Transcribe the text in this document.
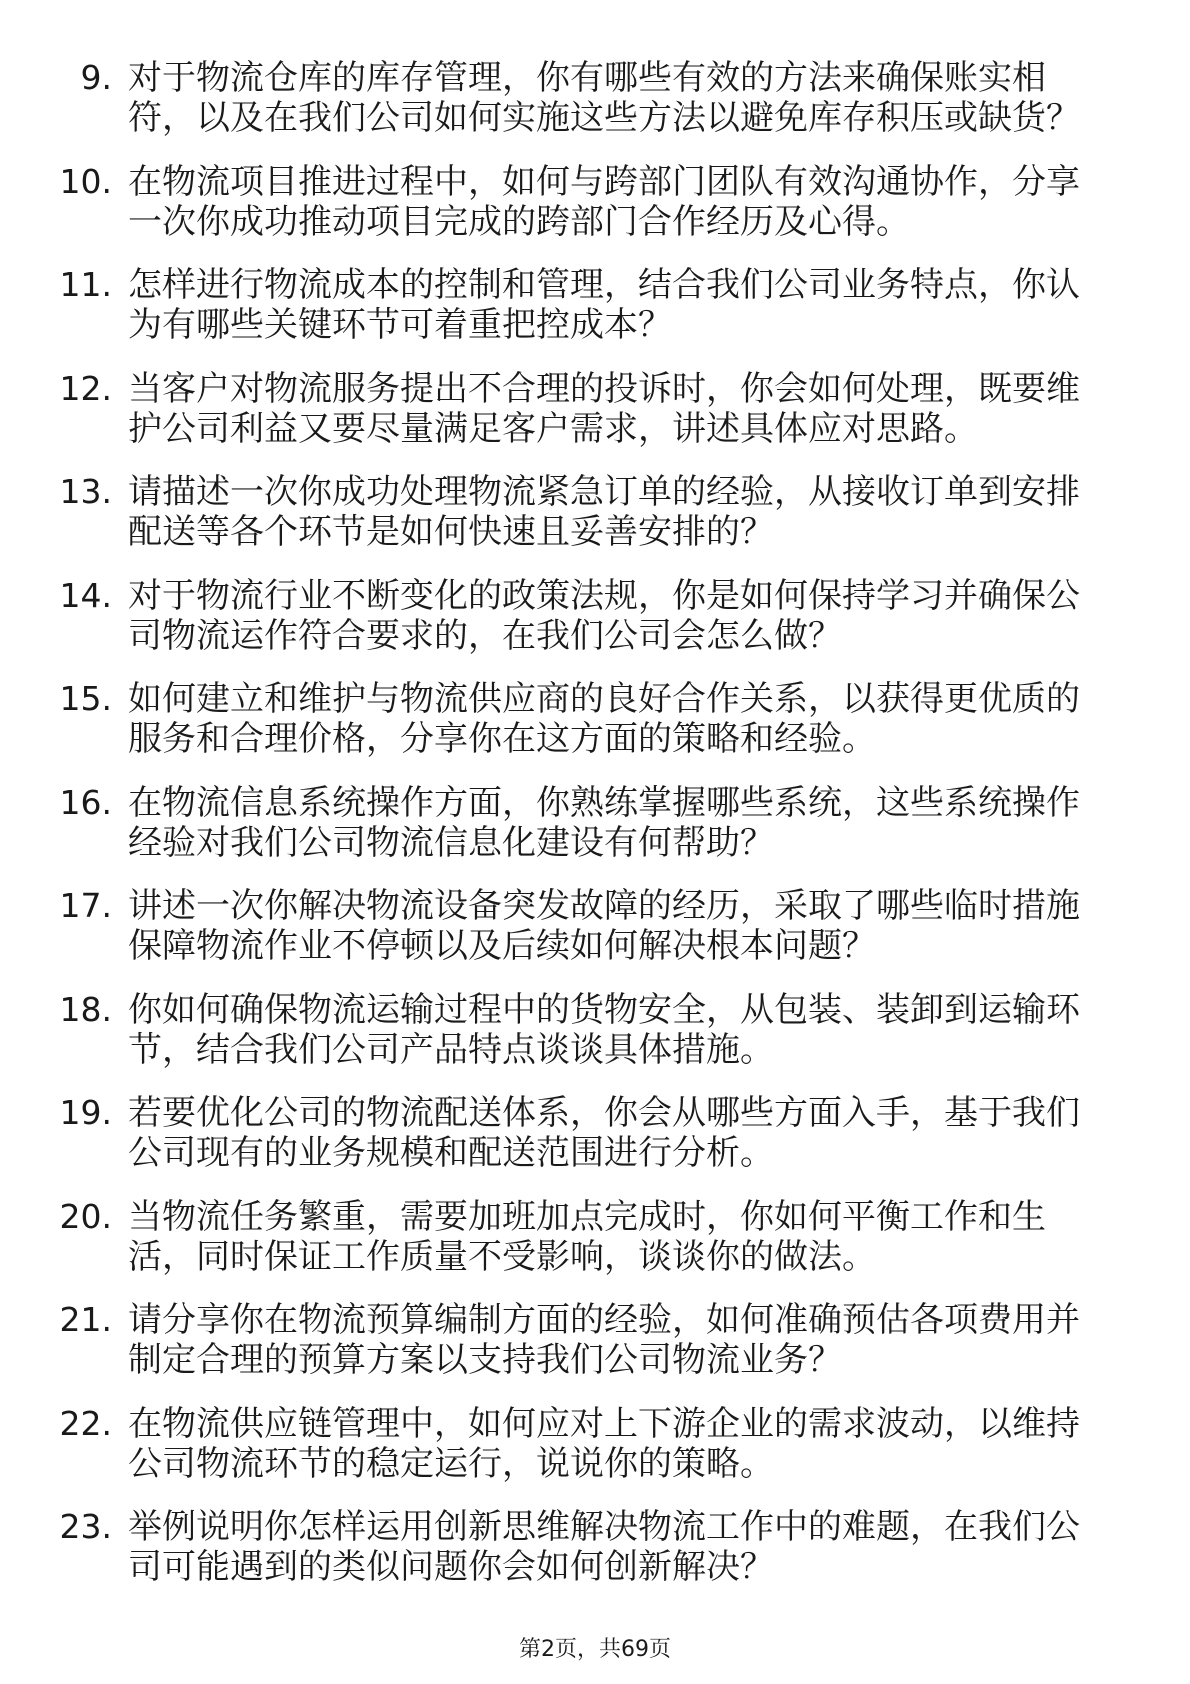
9. 对于物流仓库的库存管理，你有哪些有效的方法来确保账实相
符，以及在我们公司如何实施这些方法以避免库存积压或缺货？
10. 在物流项目推进过程中，如何与跨部门团队有效沟通协作，分享
一次你成功推动项目完成的跨部门合作经历及心得。
11. 怎样进行物流成本的控制和管理，结合我们公司业务特点，你认
为有哪些关键环节可着重把控成本？
12. 当客户对物流服务提出不合理的投诉时，你会如何处理，既要维
护公司利益又要尽量满足客户需求，讲述具体应对思路。
13. 请描述一次你成功处理物流紧急订单的经验，从接收订单到安排
配送等各个环节是如何快速且妥善安排的？
14. 对于物流行业不断变化的政策法规，你是如何保持学习并确保公
司物流运作符合要求的，在我们公司会怎么做？
15. 如何建立和维护与物流供应商的良好合作关系，以获得更优质的
服务和合理价格，分享你在这方面的策略和经验。
16. 在物流信息系统操作方面，你熟练掌握哪些系统，这些系统操作
经验对我们公司物流信息化建设有何帮助？
17. 讲述一次你解决物流设备突发故障的经历，采取了哪些临时措施
保障物流作业不停顿以及后续如何解决根本问题？
18. 你如何确保物流运输过程中的货物安全，从包装、装卸到运输环
节，结合我们公司产品特点谈谈具体措施。
19. 若要优化公司的物流配送体系，你会从哪些方面入手，基于我们
公司现有的业务规模和配送范围进行分析。
20. 当物流任务繁重，需要加班加点完成时，你如何平衡工作和生
活，同时保证工作质量不受影响，谈谈你的做法。
21. 请分享你在物流预算编制方面的经验，如何准确预估各项费用并
制定合理的预算方案以支持我们公司物流业务？
22. 在物流供应链管理中，如何应对上下游企业的需求波动，以维持
公司物流环节的稳定运行，说说你的策略。
23. 举例说明你怎样运用创新思维解决物流工作中的难题，在我们公
司可能遇到的类似问题你会如何创新解决？
第2页，共69页
